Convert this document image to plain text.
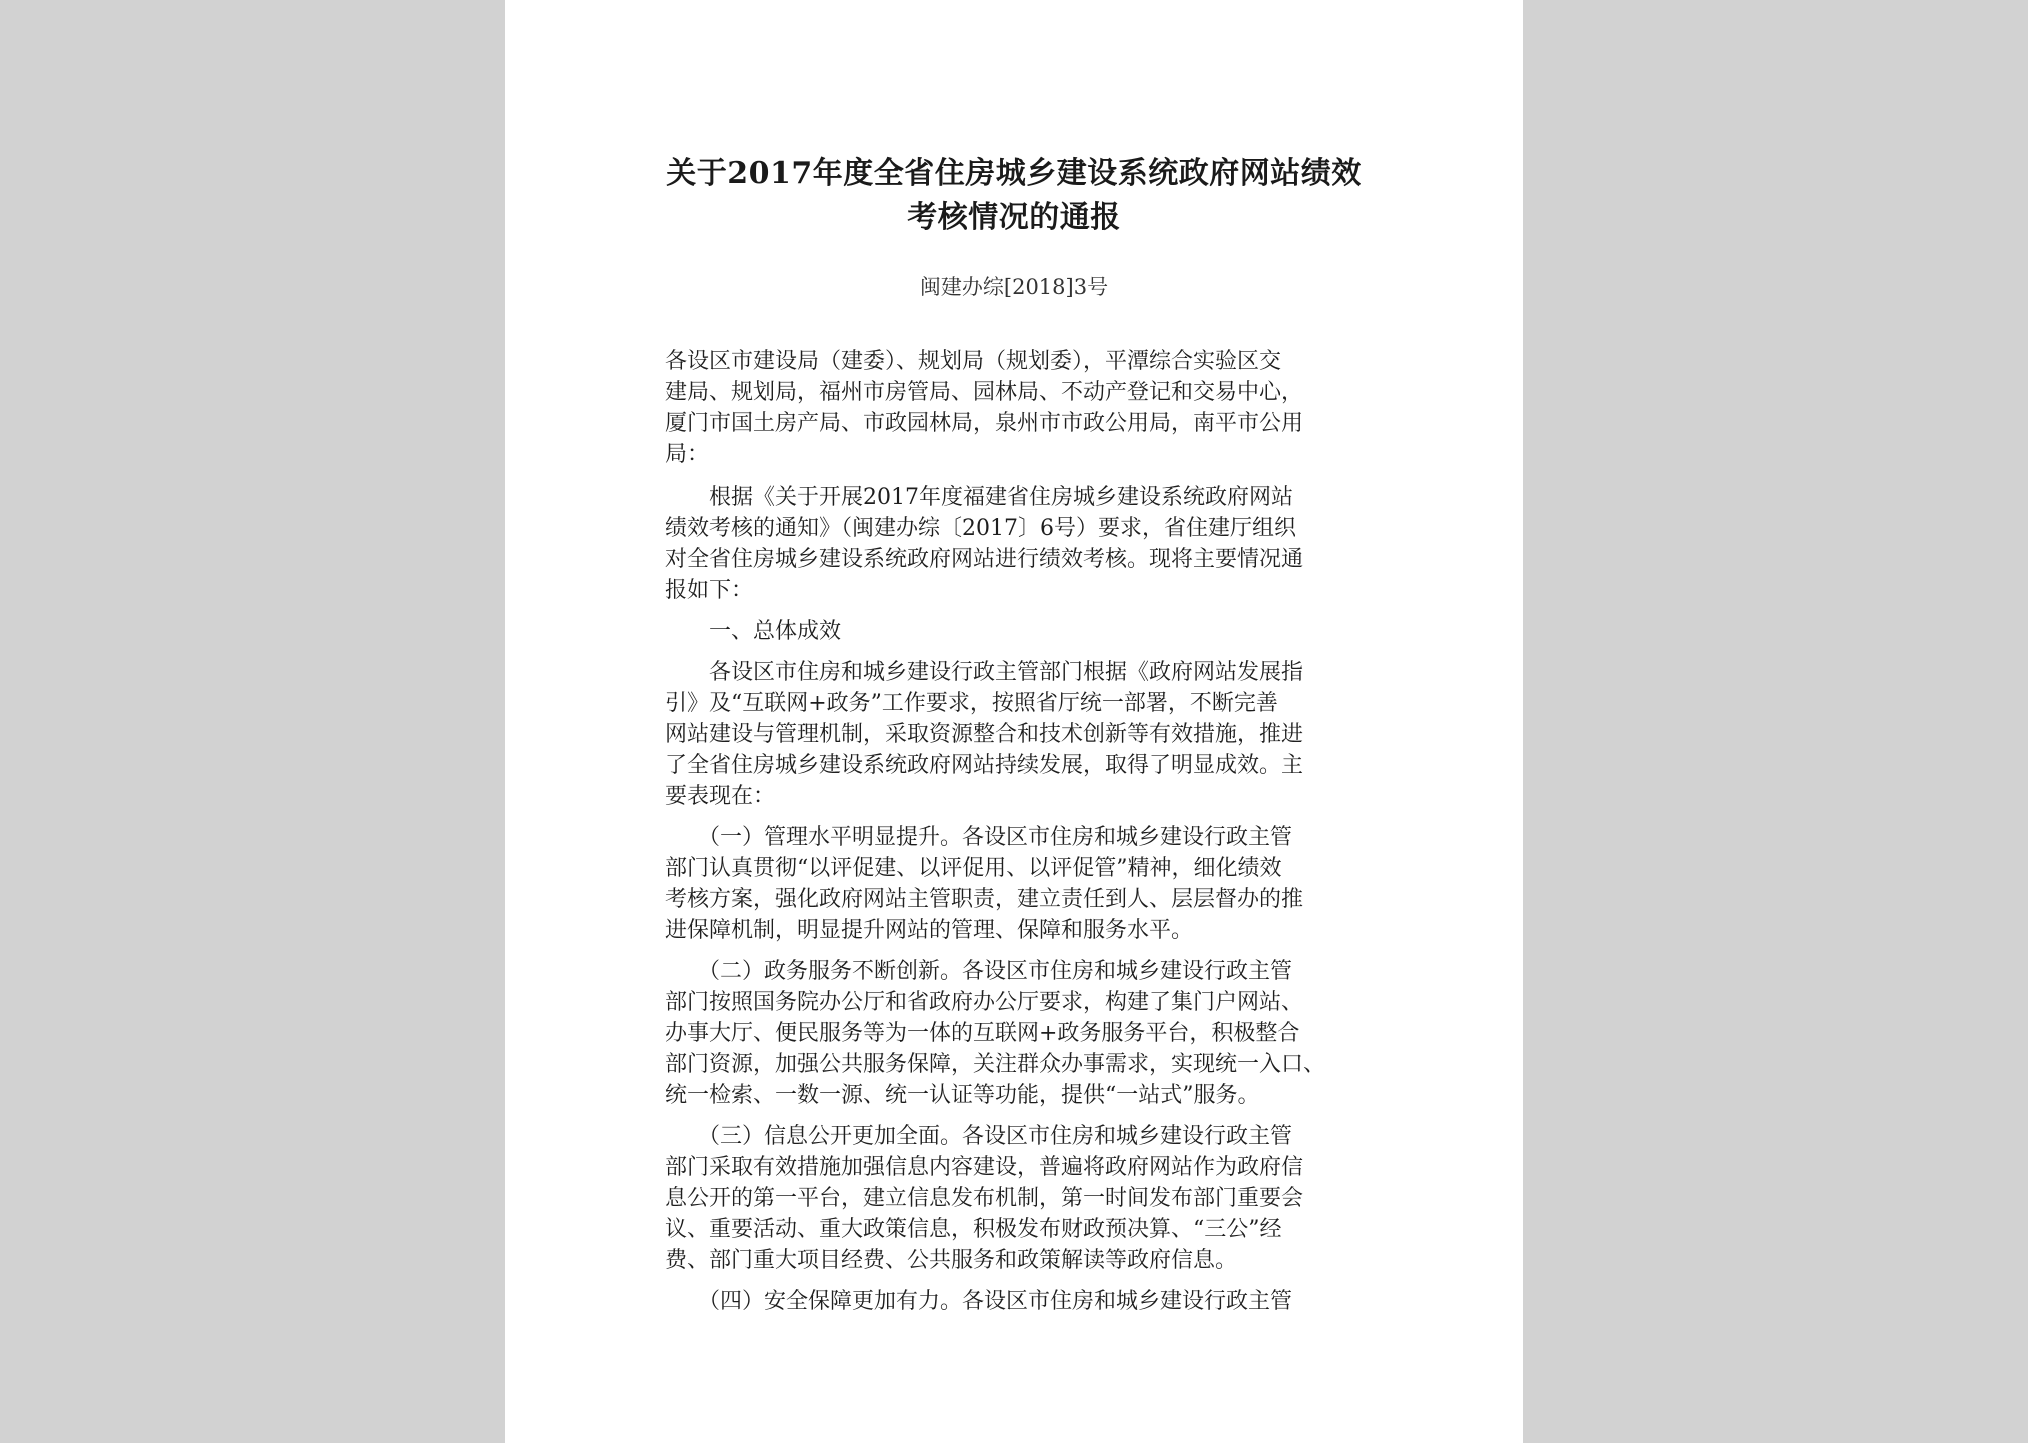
关于2017年度全省住房城乡建设系统政府网站绩效
考核情况的通报
闽建办综[2018]3号
各设区市建设局（建委）、规划局（规划委），平潭综合实验区交
建局、规划局，福州市房管局、园林局、不动产登记和交易中心，
厦门市国土房产局、市政园林局，泉州市市政公用局，南平市公用
局：
　　根据《关于开展2017年度福建省住房城乡建设系统政府网站
绩效考核的通知》（闽建办综〔2017〕6号）要求，省住建厅组织
对全省住房城乡建设系统政府网站进行绩效考核。现将主要情况通
报如下：
　　一、总体成效
　　各设区市住房和城乡建设行政主管部门根据《政府网站发展指
引》及“互联网+政务”工作要求，按照省厅统一部署，不断完善
网站建设与管理机制，采取资源整合和技术创新等有效措施，推进
了全省住房城乡建设系统政府网站持续发展，取得了明显成效。主
要表现在：
　　（一）管理水平明显提升。各设区市住房和城乡建设行政主管
部门认真贯彻“以评促建、以评促用、以评促管”精神，细化绩效
考核方案，强化政府网站主管职责，建立责任到人、层层督办的推
进保障机制，明显提升网站的管理、保障和服务水平。
　　（二）政务服务不断创新。各设区市住房和城乡建设行政主管
部门按照国务院办公厅和省政府办公厅要求，构建了集门户网站、
办事大厅、便民服务等为一体的互联网+政务服务平台，积极整合
部门资源，加强公共服务保障，关注群众办事需求，实现统一入口、
统一检索、一数一源、统一认证等功能，提供“一站式”服务。
　　（三）信息公开更加全面。各设区市住房和城乡建设行政主管
部门采取有效措施加强信息内容建设，普遍将政府网站作为政府信
息公开的第一平台，建立信息发布机制，第一时间发布部门重要会
议、重要活动、重大政策信息，积极发布财政预决算、“三公”经
费、部门重大项目经费、公共服务和政策解读等政府信息。
　　（四）安全保障更加有力。各设区市住房和城乡建设行政主管
